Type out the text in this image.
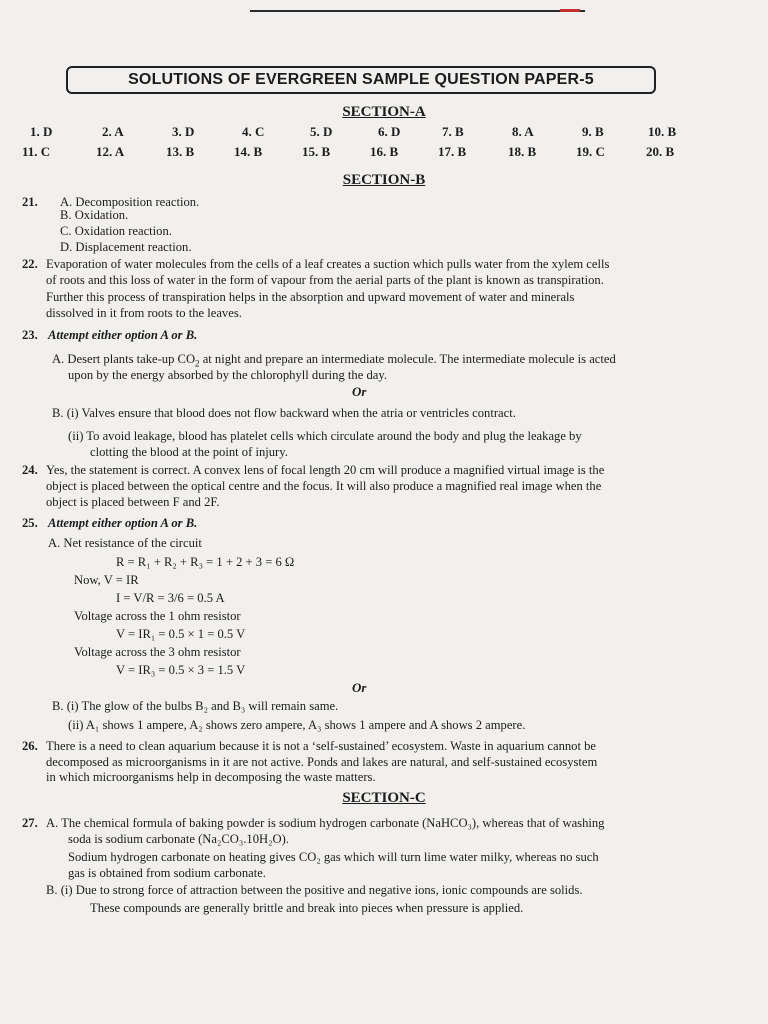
SOLUTIONS OF EVERGREEN SAMPLE QUESTION PAPER-5
SECTION-A
1. D	2. A	3. D	4. C	5. D	6. D	7. B	8. A	9. B	10. B
11. C	12. A	13. B	14. B	15. B	16. B	17. B	18. B	19. C	20. B
SECTION-B
21. A. Decomposition reaction.
B. Oxidation.
C. Oxidation reaction.
D. Displacement reaction.
22. Evaporation of water molecules from the cells of a leaf creates a suction which pulls water from the xylem cells
of roots and this loss of water in the form of vapour from the aerial parts of the plant is known as transpiration.
Further this process of transpiration helps in the absorption and upward movement of water and minerals
dissolved in it from roots to the leaves.
23. Attempt either option A or B.
A. Desert plants take-up $CO_2$ at night and prepare an intermediate molecule. The intermediate molecule is acted
upon by the energy absorbed by the chlorophyll during the day.
Or
B. (i) Valves ensure that blood does not flow backward when the atria or ventricles contract.
(ii) To avoid leakage, blood has platelet cells which circulate around the body and plug the leakage by
clotting the blood at the point of injury.
24. Yes, the statement is correct. A convex lens of focal length 20 cm will produce a magnified virtual image is the
object is placed between the optical centre and the focus. It will also produce a magnified real image when the
object is placed between F and 2F.
25. Attempt either option A or B.
A. Net resistance of the circuit
R = R₁ + R₂ + R₃ = 1 + 2 + 3 = 6 Ω
Now, V = IR
I = V/R = 3/6 = 0.5 A
Voltage across the 1 ohm resistor
V = IR₁ = 0.5 × 1 = 0.5 V
Voltage across the 3 ohm resistor
V = IR₃ = 0.5 × 3 = 1.5 V
Or
B. (i) The glow of the bulbs B₂ and B₃ will remain same.
(ii) A₁ shows 1 ampere, A₂ shows zero ampere, A₃ shows 1 ampere and A shows 2 ampere.
26. There is a need to clean aquarium because it is not a ‘self-sustained’ ecosystem. Waste in aquarium cannot be
decomposed as microorganisms in it are not active. Ponds and lakes are natural, and self-sustained ecosystem
in which microorganisms help in decomposing the waste matters.
SECTION-C
27. A. The chemical formula of baking powder is sodium hydrogen carbonate (NaHCO₃), whereas that of washing
soda is sodium carbonate (Na₂CO₃.10H₂O).
Sodium hydrogen carbonate on heating gives CO₂ gas which will turn lime water milky, whereas no such
gas is obtained from sodium carbonate.
B. (i) Due to strong force of attraction between the positive and negative ions, ionic compounds are solids.
These compounds are generally brittle and break into pieces when pressure is applied.
